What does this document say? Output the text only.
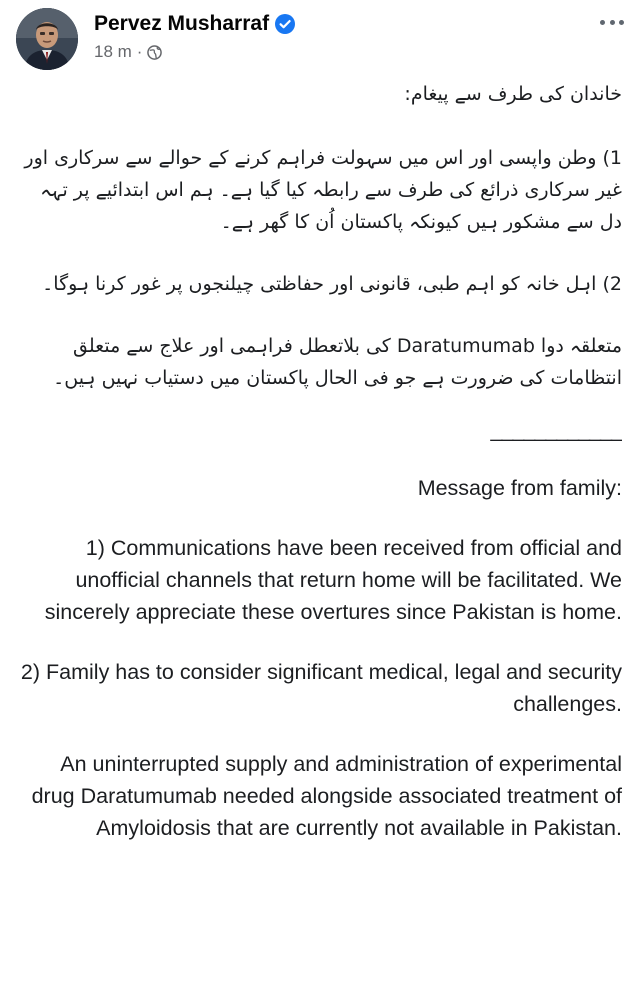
Pervez Musharraf
18 m ·

خاندان کی طرف سے پیغام:

1) وطن واپسی اور اس میں سہولت فراہم کرنے کے حوالے سے سرکاری اور غیر سرکاری ذرائع کی طرف سے رابطہ کیا گیا ہے۔ ہم اس ابتدائیے پر تہہ دل سے مشکور ہیں کیونکہ پاکستان اُن کا گھر ہے۔

2) اہل خانہ کو اہم طبی، قانونی اور حفاظتی چیلنجوں پر غور کرنا ہوگا۔

متعلقہ دوا Daratumumab کی بلاتعطل فراہمی اور علاج سے متعلق انتظامات کی ضرورت ہے جو فی الحال پاکستان میں دستیاب نہیں ہیں۔

____________

Message from family:

1) Communications have been received from official and unofficial channels that return home will be facilitated. We sincerely appreciate these overtures since Pakistan is home.

2) Family has to consider significant medical, legal and security challenges.

An uninterrupted supply and administration of experimental drug Daratumumab needed alongside associated treatment of Amyloidosis that are currently not available in Pakistan.
